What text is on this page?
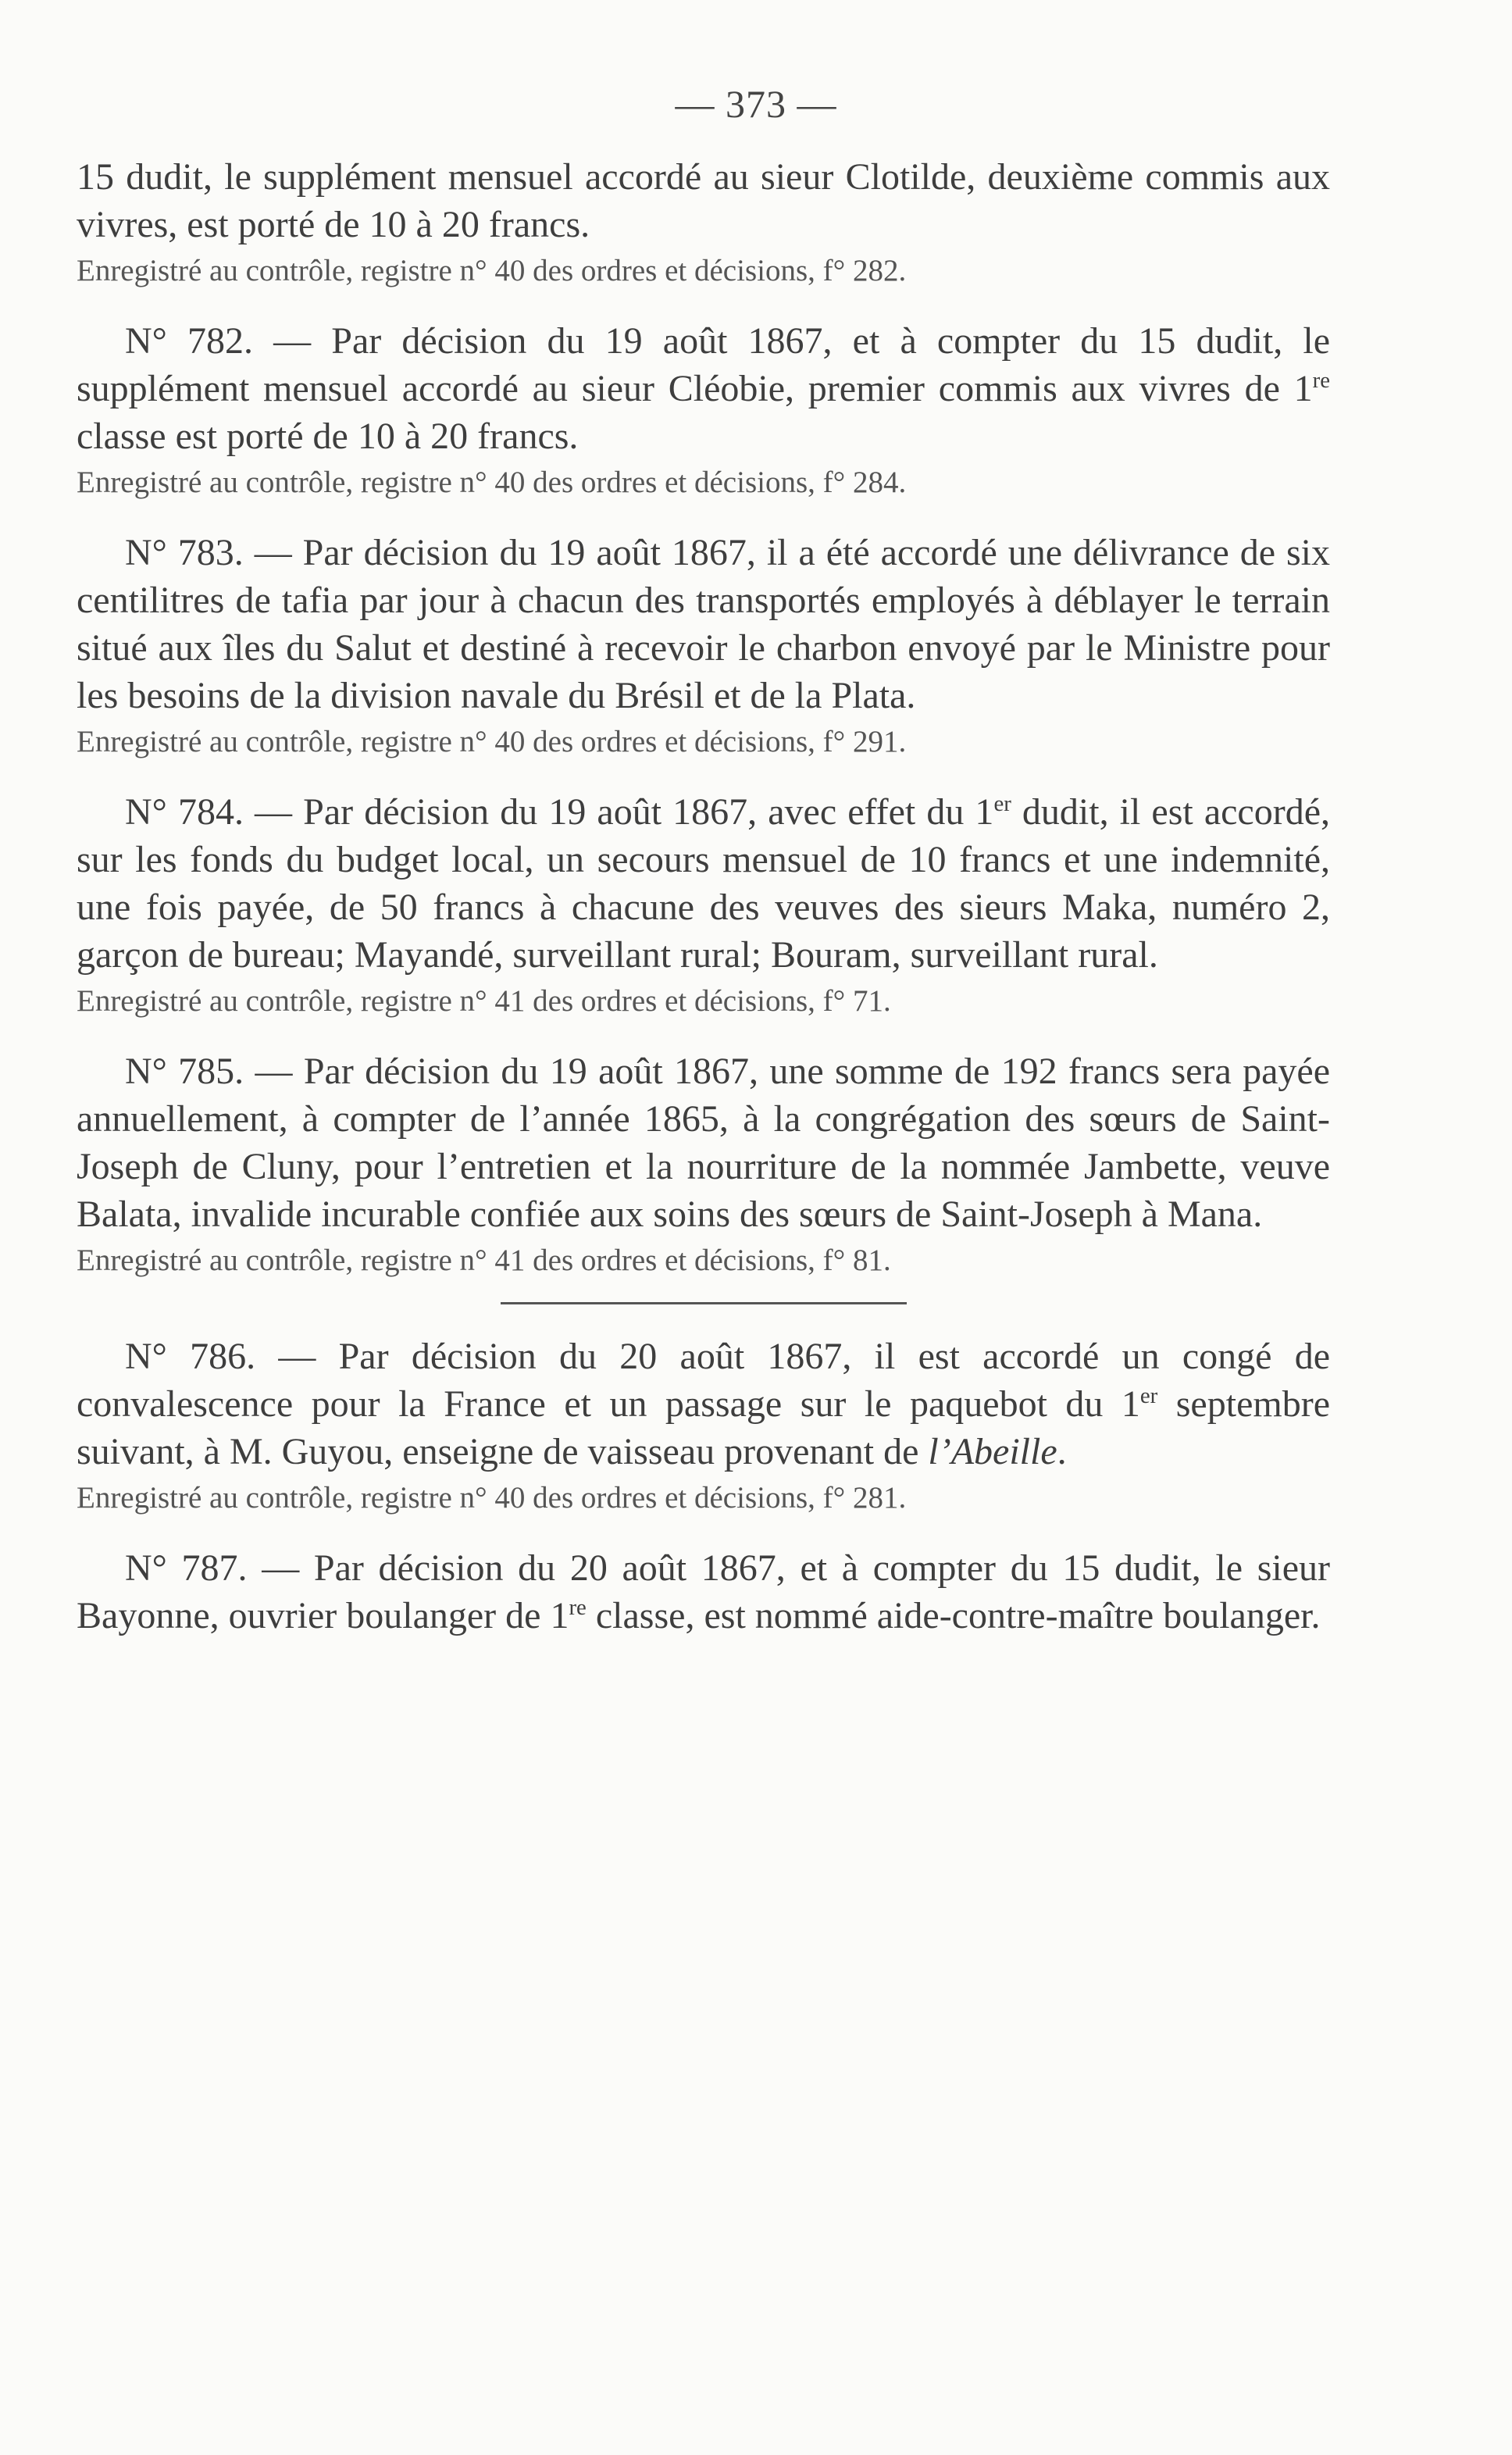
— 373 —

15 dudit, le supplément mensuel accordé au sieur Clotilde, deuxième commis aux vivres, est porté de 10 à 20 francs.

Enregistré au contrôle, registre n° 40 des ordres et décisions, f° 282.

N° 782. — Par décision du 19 août 1867, et à compter du 15 dudit, le supplément mensuel accordé au sieur Cléobie, premier commis aux vivres de 1re classe est porté de 10 à 20 francs.

Enregistré au contrôle, registre n° 40 des ordres et décisions, f° 284.

N° 783. — Par décision du 19 août 1867, il a été accordé une délivrance de six centilitres de tafia par jour à chacun des transportés employés à déblayer le terrain situé aux îles du Salut et destiné à recevoir le charbon envoyé par le Ministre pour les besoins de la division navale du Brésil et de la Plata.

Enregistré au contrôle, registre n° 40 des ordres et décisions, f° 291.

N° 784. — Par décision du 19 août 1867, avec effet du 1er dudit, il est accordé, sur les fonds du budget local, un secours mensuel de 10 francs et une indemnité, une fois payée, de 50 francs à chacune des veuves des sieurs Maka, numéro 2, garçon de bureau; Mayandé, surveillant rural; Bouram, surveillant rural.

Enregistré au contrôle, registre n° 41 des ordres et décisions, f° 71.

N° 785. — Par décision du 19 août 1867, une somme de 192 francs sera payée annuellement, à compter de l’année 1865, à la congrégation des sœurs de Saint-Joseph de Cluny, pour l’entretien et la nourriture de la nommée Jambette, veuve Balata, invalide incurable confiée aux soins des sœurs de Saint-Joseph à Mana.

Enregistré au contrôle, registre n° 41 des ordres et décisions, f° 81.

N° 786. — Par décision du 20 août 1867, il est accordé un congé de convalescence pour la France et un passage sur le paquebot du 1er septembre suivant, à M. Guyou, enseigne de vaisseau provenant de l’Abeille.

Enregistré au contrôle, registre n° 40 des ordres et décisions, f° 281.

N° 787. — Par décision du 20 août 1867, et à compter du 15 dudit, le sieur Bayonne, ouvrier boulanger de 1re classe, est nommé aide-contre-maître boulanger.
